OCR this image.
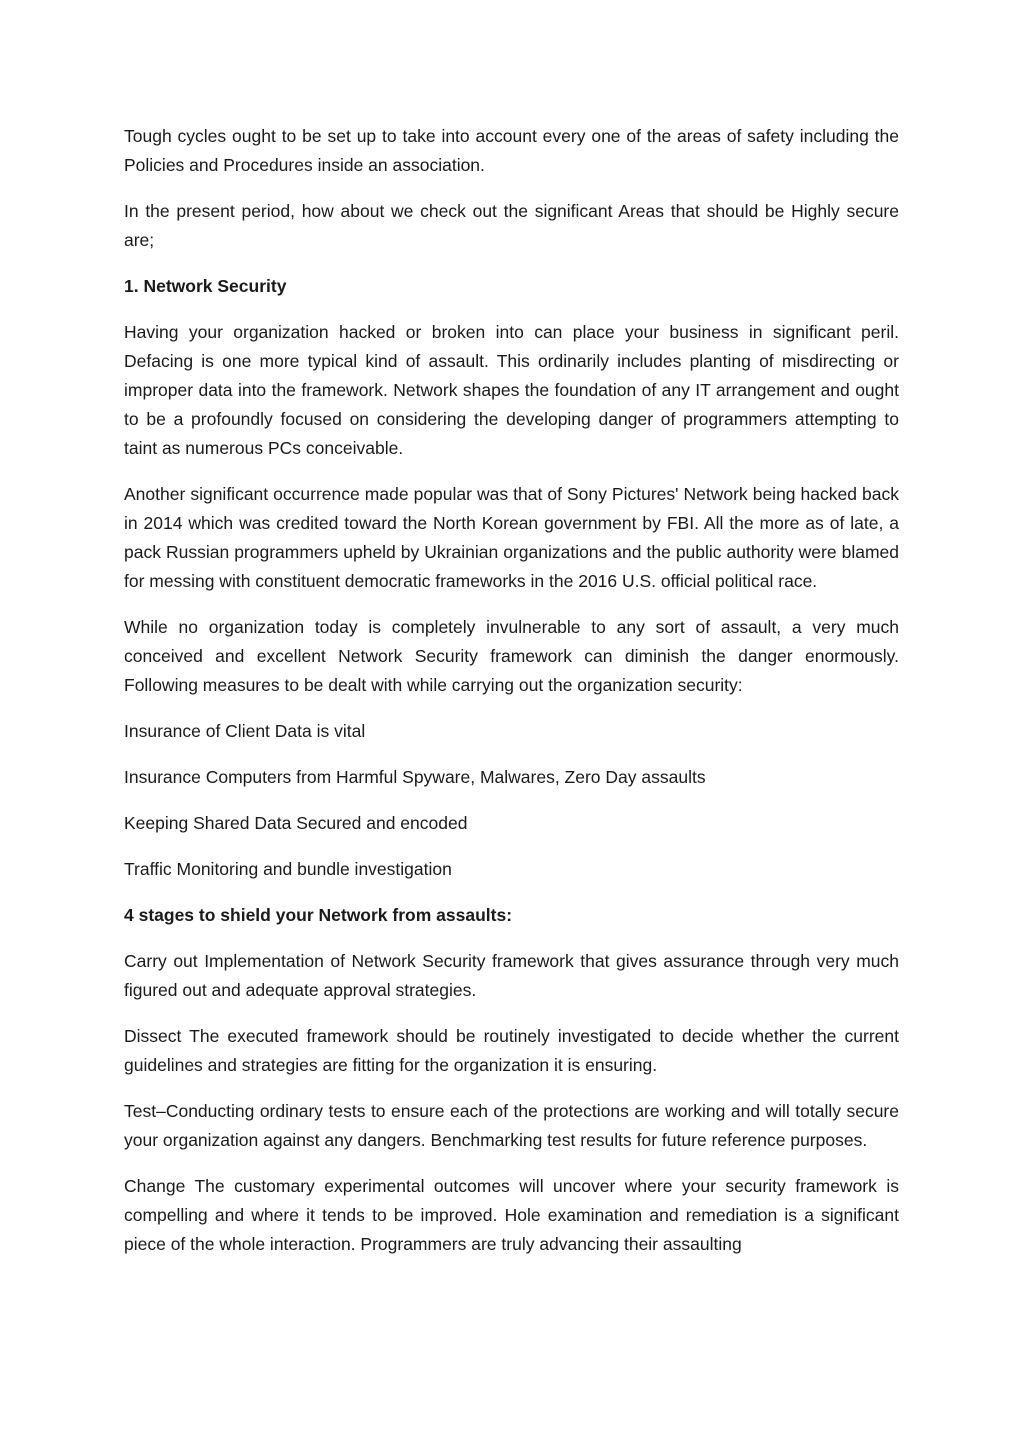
Tough cycles ought to be set up to take into account every one of the areas of safety including the Policies and Procedures inside an association.

In the present period, how about we check out the significant Areas that should be Highly secure are;

1. Network Security

Having your organization hacked or broken into can place your business in significant peril. Defacing is one more typical kind of assault. This ordinarily includes planting of misdirecting or improper data into the framework. Network shapes the foundation of any IT arrangement and ought to be a profoundly focused on considering the developing danger of programmers attempting to taint as numerous PCs conceivable.

Another significant occurrence made popular was that of Sony Pictures' Network being hacked back in 2014 which was credited toward the North Korean government by FBI. All the more as of late, a pack Russian programmers upheld by Ukrainian organizations and the public authority were blamed for messing with constituent democratic frameworks in the 2016 U.S. official political race.

While no organization today is completely invulnerable to any sort of assault, a very much conceived and excellent Network Security framework can diminish the danger enormously. Following measures to be dealt with while carrying out the organization security:

Insurance of Client Data is vital

Insurance Computers from Harmful Spyware, Malwares, Zero Day assaults

Keeping Shared Data Secured and encoded

Traffic Monitoring and bundle investigation

4 stages to shield your Network from assaults:

Carry out Implementation of Network Security framework that gives assurance through very much figured out and adequate approval strategies.

Dissect The executed framework should be routinely investigated to decide whether the current guidelines and strategies are fitting for the organization it is ensuring.

Test–Conducting ordinary tests to ensure each of the protections are working and will totally secure your organization against any dangers. Benchmarking test results for future reference purposes.

Change The customary experimental outcomes will uncover where your security framework is compelling and where it tends to be improved. Hole examination and remediation is a significant piece of the whole interaction. Programmers are truly advancing their assaulting
